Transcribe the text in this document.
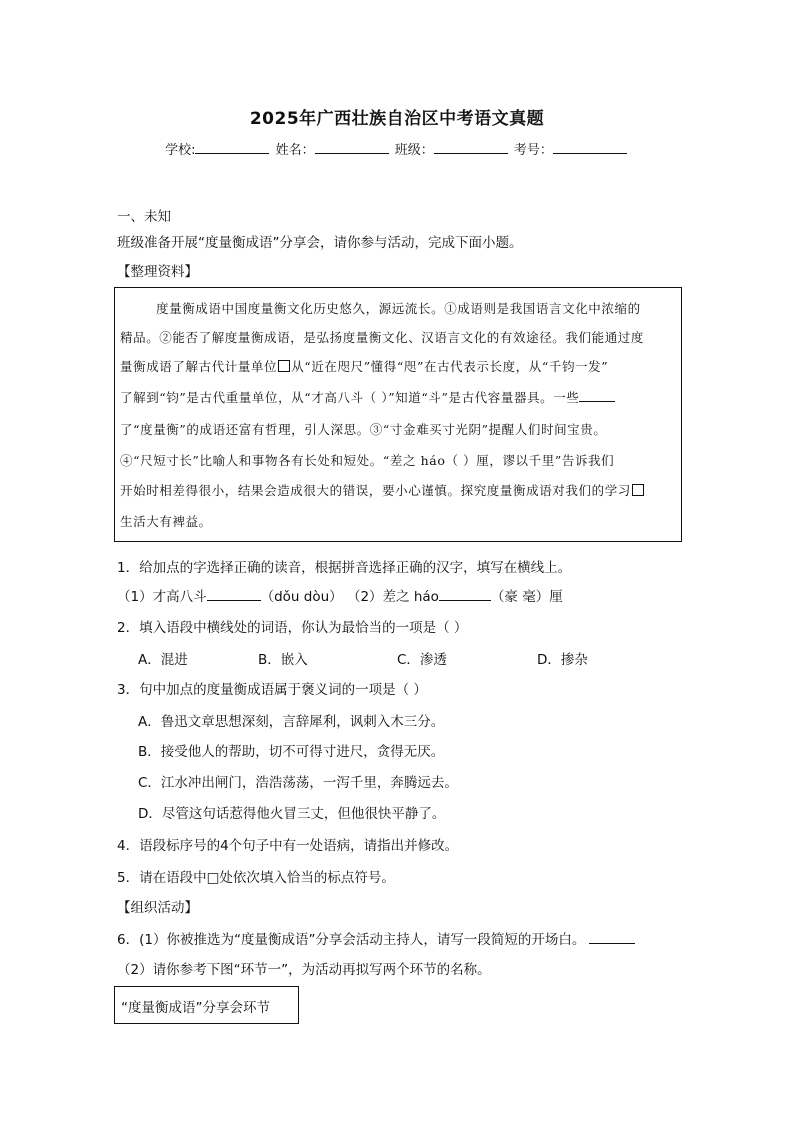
2025年广西壮族自治区中考语文真题
学校:	姓名：	班级：	考号：
一、未知
班级准备开展“度量衡成语”分享会，请你参与活动，完成下面小题。
【整理资料】
度量衡成语中国度量衡文化历史悠久，源远流长。①成语则是我国语言文化中浓缩的
精品。②能否了解度量衡成语，是弘扬度量衡文化、汉语言文化的有效途径。我们能通过度
量衡成语了解古代计量单位 从“近在咫尺”懂得“咫”在古代表示长度，从“千钧一发”
了解到“钧”是古代重量单位，从“才高八斗（ ）”知道“斗”是古代容量器具。一些
了“度量衡”的成语还富有哲理，引人深思。③“寸金难买寸光阴”提醒人们时间宝贵。
④“尺短寸长”比喻人和事物各有长处和短处。“差之 háo（ ）厘，谬以千里”告诉我们
开始时相差得很小，结果会造成很大的错误，要小心谨慎。探究度量衡成语对我们的学习
生活大有裨益。
1．给加点的字选择正确的读音，根据拼音选择正确的汉字，填写在横线上。
（1）才高八斗	（dǒu dòu） （2）差之 háo	（豪 毫）厘
2．填入语段中横线处的词语，你认为最恰当的一项是（ ）
A．混进	B．嵌入	C．渗透	D．掺杂
3．句中加点的度量衡成语属于褒义词的一项是（ ）
A．鲁迅文章思想深刻，言辞犀利，讽刺入木三分。
B．接受他人的帮助，切不可得寸进尺，贪得无厌。
C．江水冲出闸门，浩浩荡荡，一泻千里，奔腾远去。
D．尽管这句话惹得他火冒三丈，但他很快平静了。
4．语段标序号的4个句子中有一处语病，请指出并修改。
5．请在语段中□处依次填入恰当的标点符号。
【组织活动】
6．(1）你被推选为“度量衡成语”分享会活动主持人，请写一段简短的开场白。
（2）请你参考下图“环节一”，为活动再拟写两个环节的名称。
“度量衡成语”分享会环节
